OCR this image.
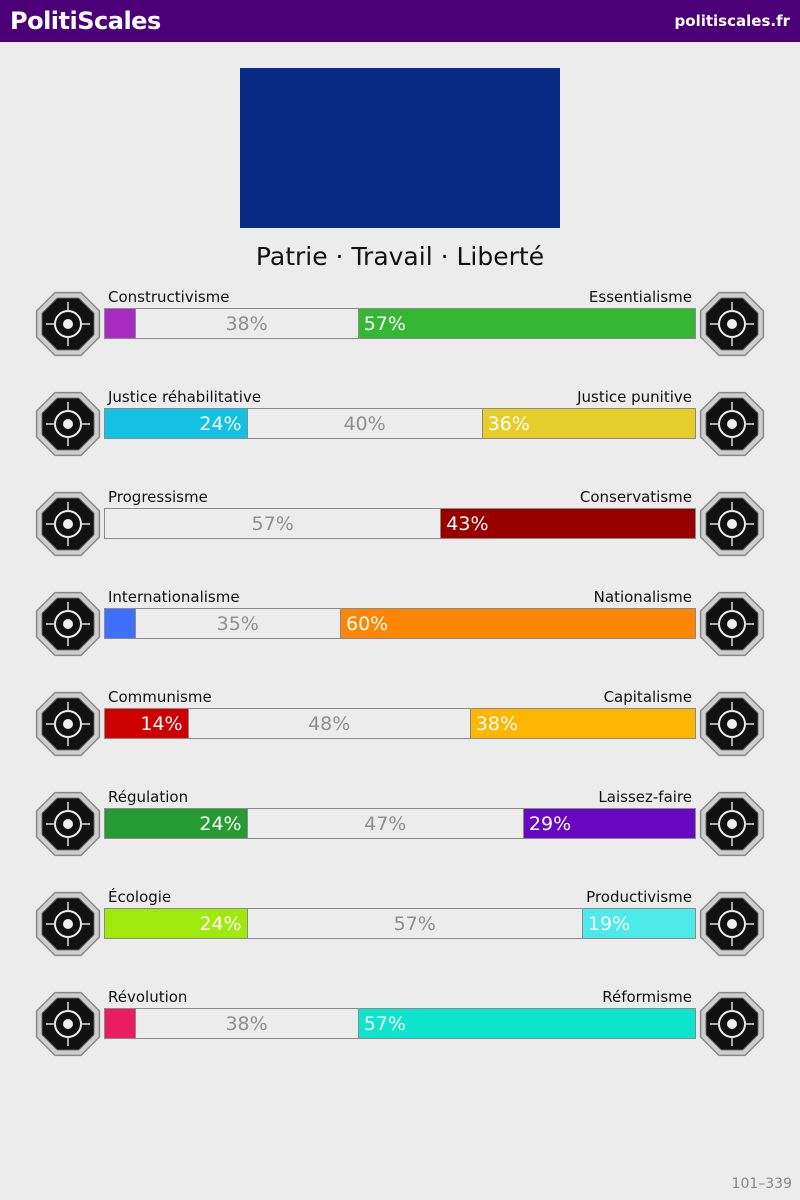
PolitiScales	politiscales.fr
Patrie · Travail · Liberté
38%	57%
Constructivisme	Essentialisme
24%	40%	36%
Justice réhabilitative	Justice punitive
57%	43%
Progressisme	Conservatisme
35%	60%
Internationalisme	Nationalisme
14%	48%	38%
Communisme	Capitalisme
24%	47%	29%
Régulation	Laissez-faire
24%	57%	19%
Écologie	Productivisme
38%	57%
Révolution	Réformisme
101–339
